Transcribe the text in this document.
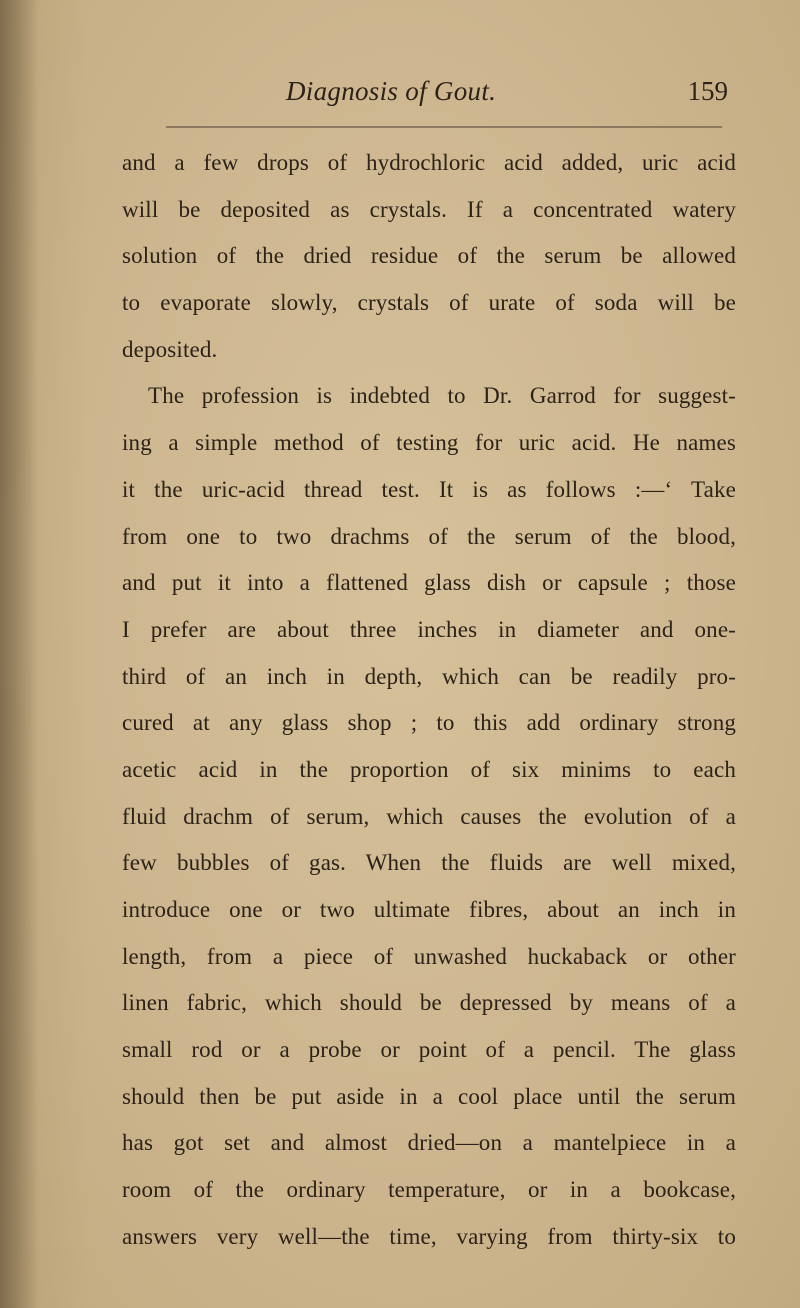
Diagnosis of Gout.	159
and a few drops of hydrochloric acid added, uric acid
will be deposited as crystals. If a concentrated watery
solution of the dried residue of the serum be allowed
to evaporate slowly, crystals of urate of soda will be
deposited.
The profession is indebted to Dr. Garrod for suggest-
ing a simple method of testing for uric acid. He names
it the uric-acid thread test. It is as follows :—‘ Take
from one to two drachms of the serum of the blood,
and put it into a flattened glass dish or capsule ; those
I prefer are about three inches in diameter and one-
third of an inch in depth, which can be readily pro-
cured at any glass shop ; to this add ordinary strong
acetic acid in the proportion of six minims to each
fluid drachm of serum, which causes the evolution of a
few bubbles of gas. When the fluids are well mixed,
introduce one or two ultimate fibres, about an inch in
length, from a piece of unwashed huckaback or other
linen fabric, which should be depressed by means of a
small rod or a probe or point of a pencil. The glass
should then be put aside in a cool place until the serum
has got set and almost dried—on a mantelpiece in a
room of the ordinary temperature, or in a bookcase,
answers very well—the time, varying from thirty-six to
